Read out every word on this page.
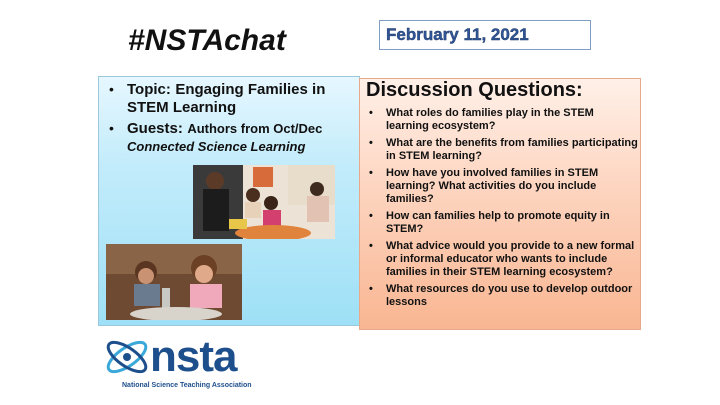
#NSTAchat	February 11, 2021
• Topic: Engaging Families in STEM Learning
• Guests: Authors from Oct/Dec
Connected Science Learning
nsta
National Science Teaching Association
Discussion Questions:
• What roles do families play in the STEM learning ecosystem?
• What are the benefits from families participating in STEM learning?
• How have you involved families in STEM learning? What activities do you include families?
• How can families help to promote equity in STEM?
• What advice would you provide to a new formal or informal educator who wants to include families in their STEM learning ecosystem?
• What resources do you use to develop outdoor lessons
